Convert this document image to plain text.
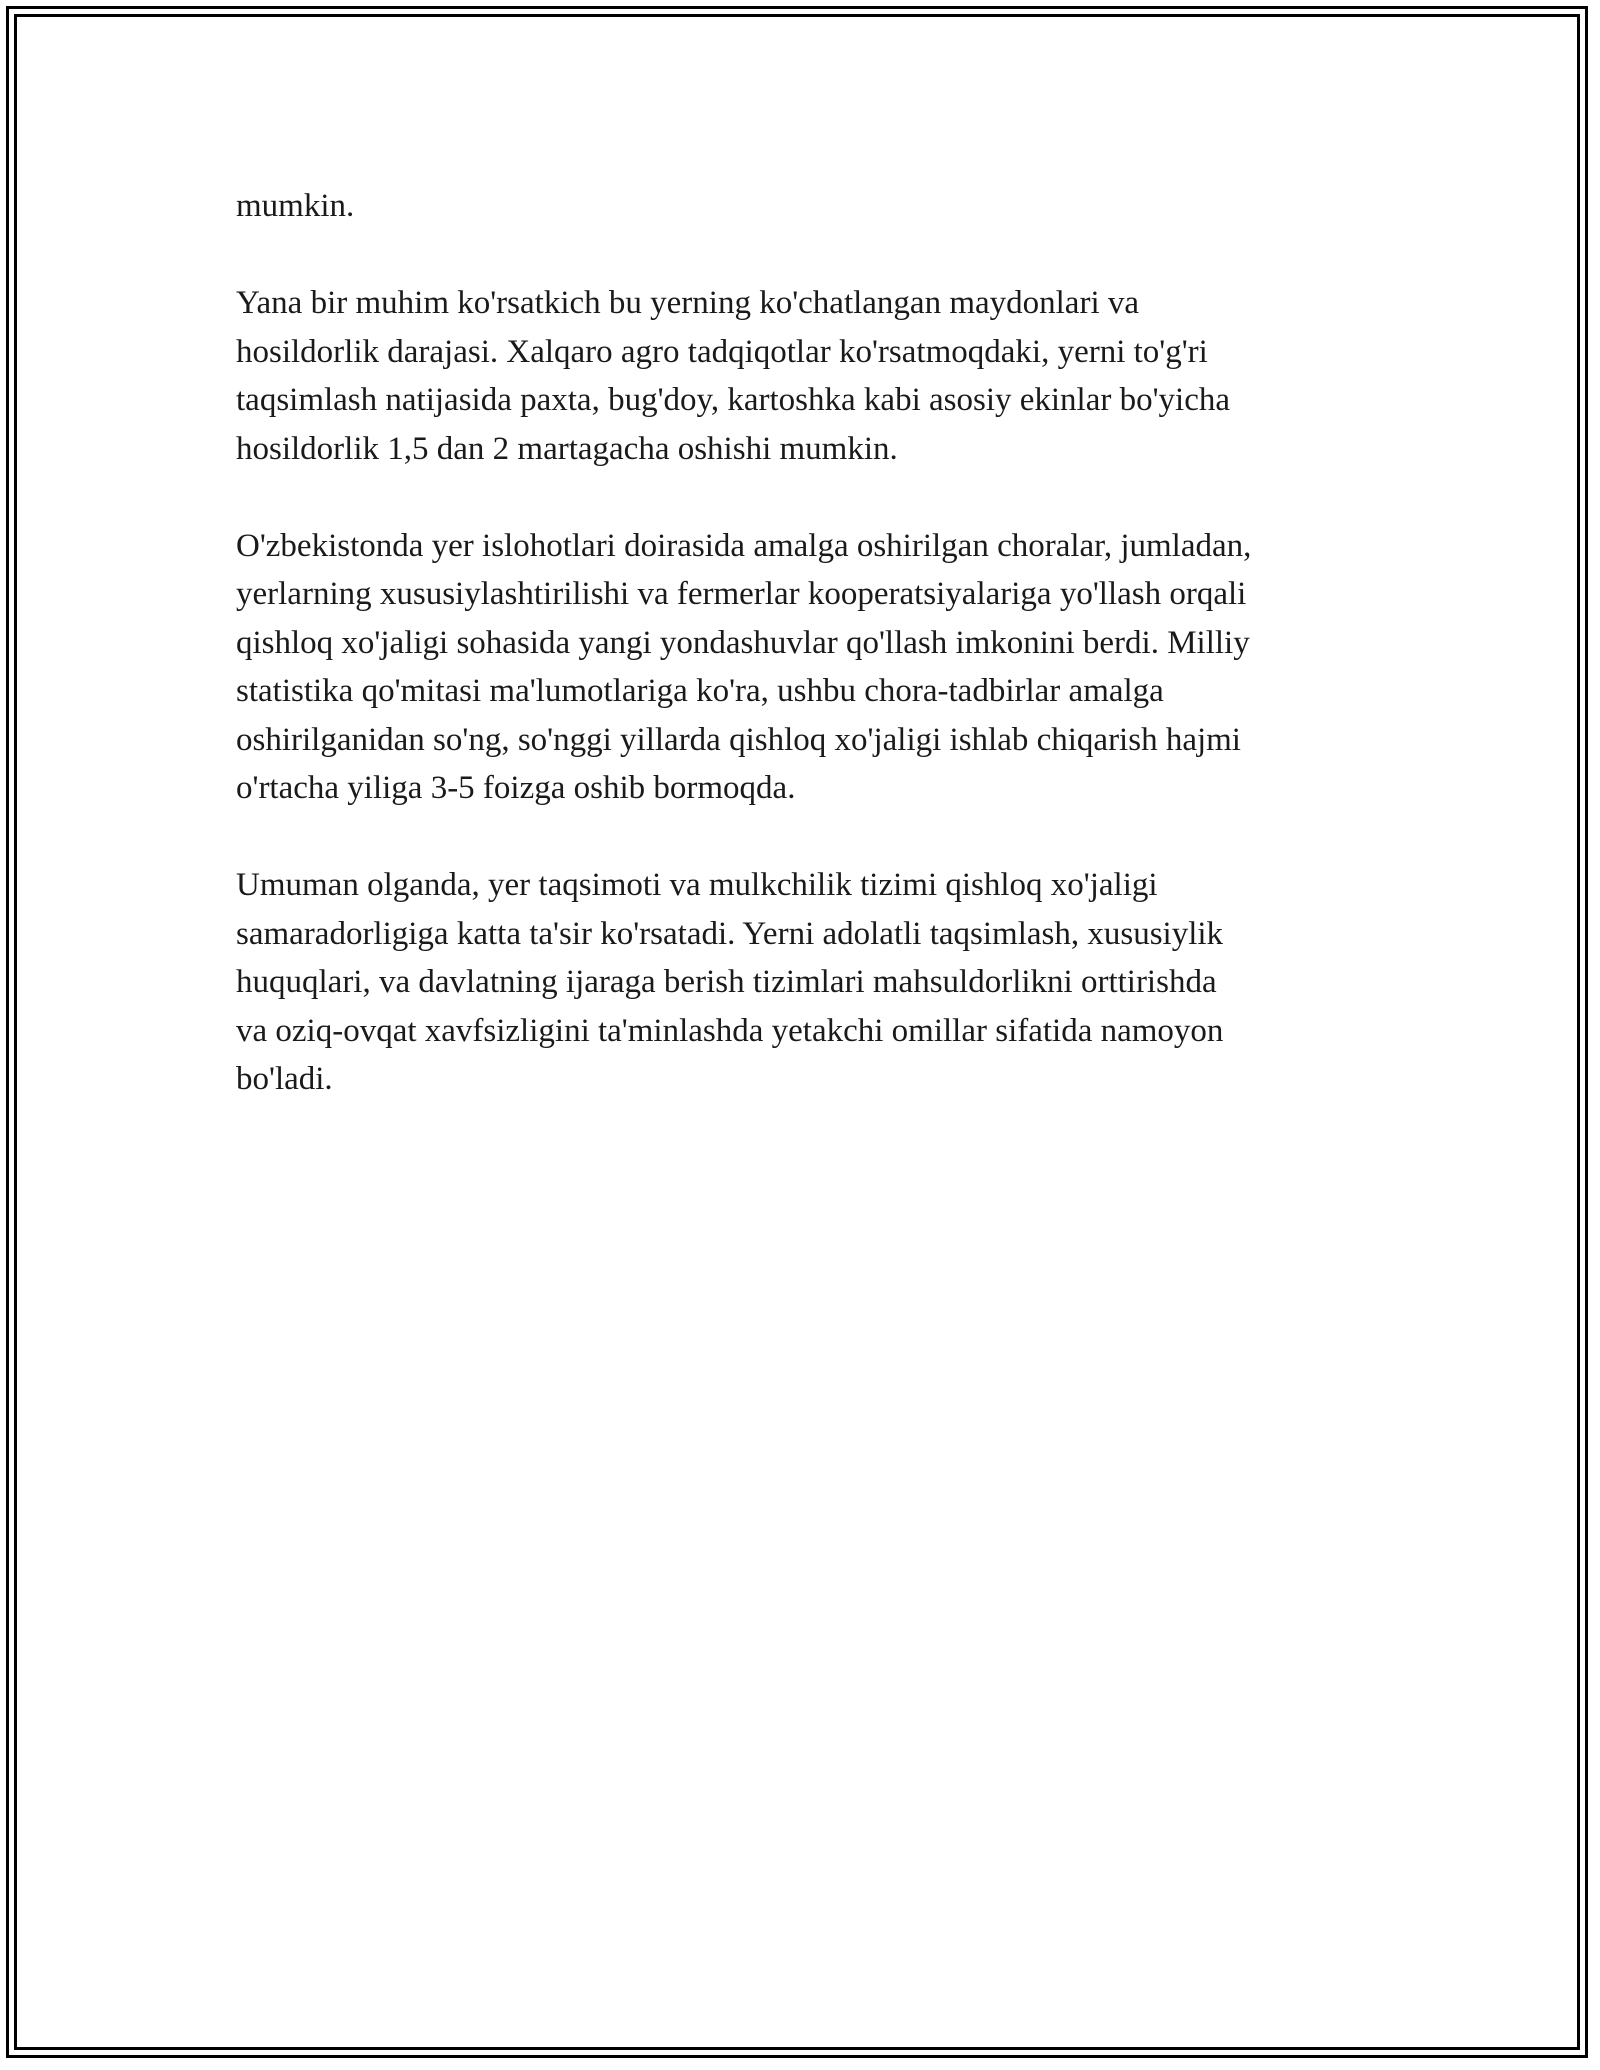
mumkin.

Yana bir muhim ko'rsatkich bu yerning ko'chatlangan maydonlari va
hosildorlik darajasi. Xalqaro agro tadqiqotlar ko'rsatmoqdaki, yerni to'g'ri
taqsimlash natijasida paxta, bug'doy, kartoshka kabi asosiy ekinlar bo'yicha
hosildorlik 1,5 dan 2 martagacha oshishi mumkin.

O'zbekistonda yer islohotlari doirasida amalga oshirilgan choralar, jumladan,
yerlarning xususiylashtirilishi va fermerlar kooperatsiyalariga yo'llash orqali
qishloq xo'jaligi sohasida yangi yondashuvlar qo'llash imkonini berdi. Milliy
statistika qo'mitasi ma'lumotlariga ko'ra, ushbu chora-tadbirlar amalga
oshirilganidan so'ng, so'nggi yillarda qishloq xo'jaligi ishlab chiqarish hajmi
o'rtacha yiliga 3-5 foizga oshib bormoqda.

Umuman olganda, yer taqsimoti va mulkchilik tizimi qishloq xo'jaligi
samaradorligiga katta ta'sir ko'rsatadi. Yerni adolatli taqsimlash, xususiylik
huquqlari, va davlatning ijaraga berish tizimlari mahsuldorlikni orttirishda
va oziq-ovqat xavfsizligini ta'minlashda yetakchi omillar sifatida namoyon
bo'ladi.
